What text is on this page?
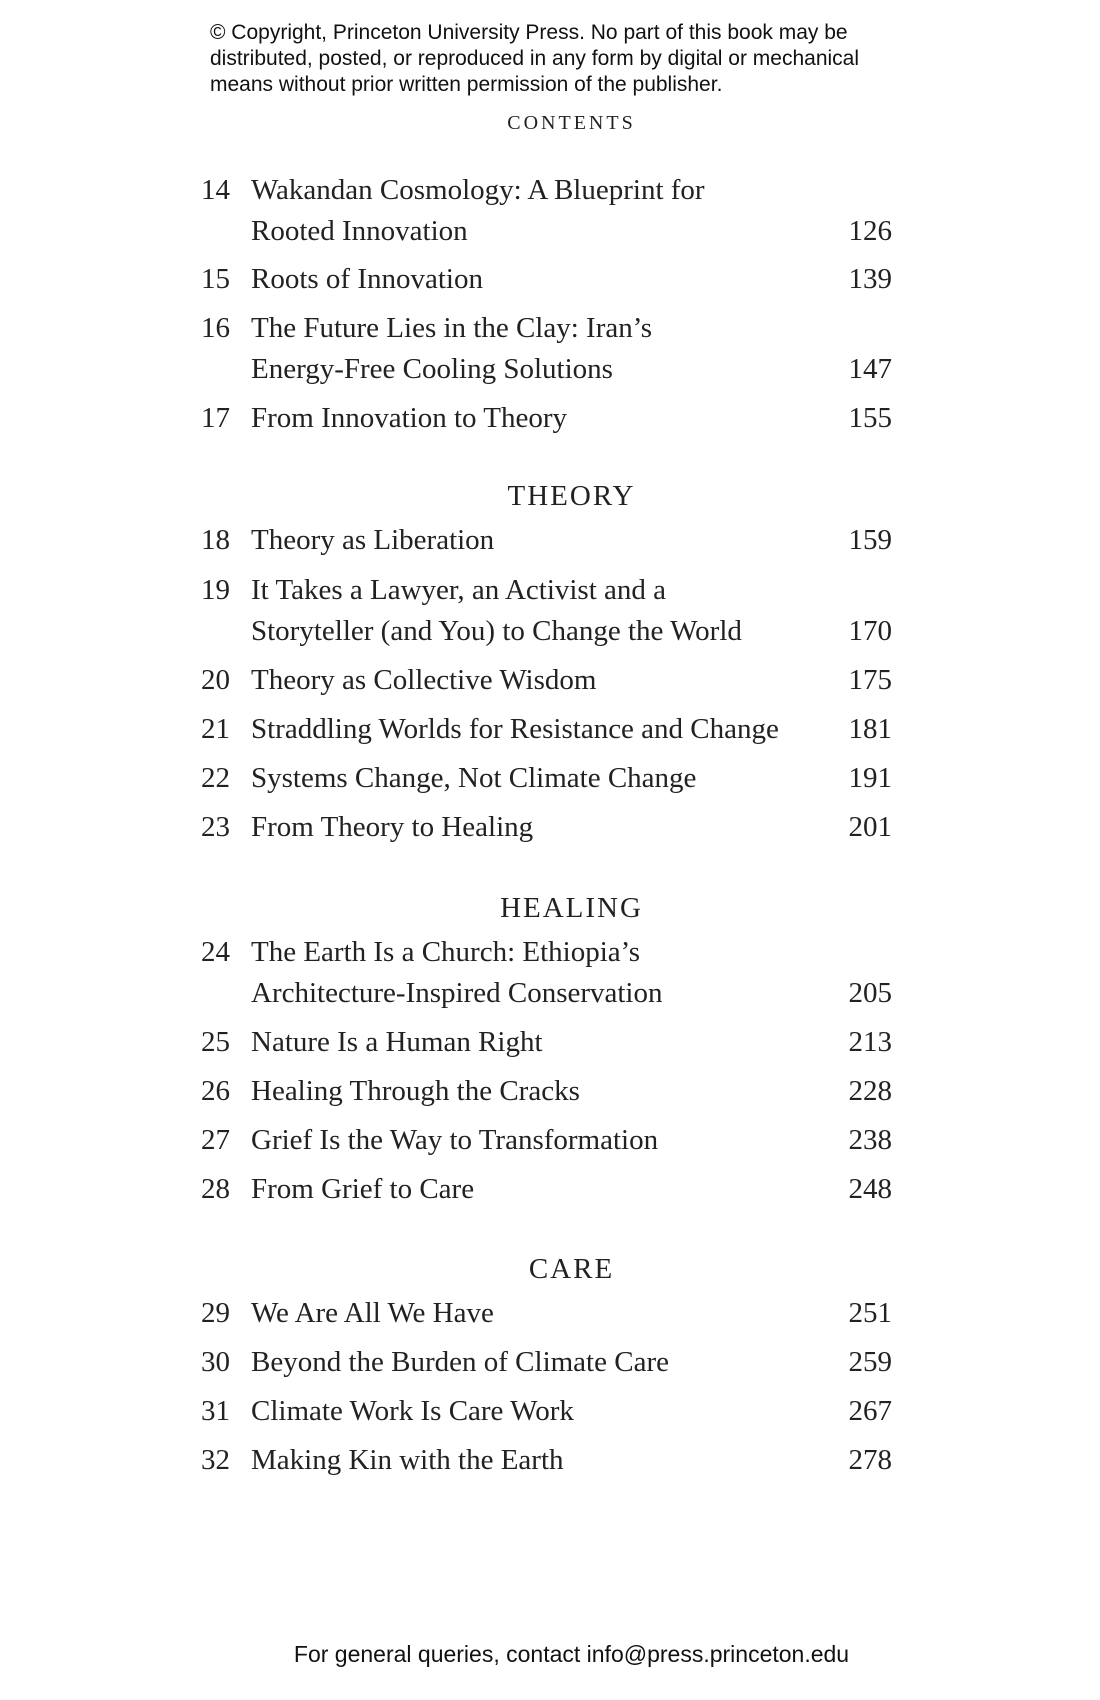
© Copyright, Princeton University Press. No part of this book may be
distributed, posted, or reproduced in any form by digital or mechanical
means without prior written permission of the publisher.
CONTENTS
14 Wakandan Cosmology: A Blueprint for
Rooted Innovation	126
15 Roots of Innovation	139
16 The Future Lies in the Clay: Iran’s
Energy-Free Cooling Solutions	147
17 From Innovation to Theory	155
THEORY
18 Theory as Liberation	159
19 It Takes a Lawyer, an Activist and a
Storyteller (and You) to Change the World	170
20 Theory as Collective Wisdom	175
21 Straddling Worlds for Resistance and Change	181
22 Systems Change, Not Climate Change	191
23 From Theory to Healing	201
HEALING
24 The Earth Is a Church: Ethiopia’s
Architecture-Inspired Conservation	205
25 Nature Is a Human Right	213
26 Healing Through the Cracks	228
27 Grief Is the Way to Transformation	238
28 From Grief to Care	248
CARE
29 We Are All We Have	251
30 Beyond the Burden of Climate Care	259
31 Climate Work Is Care Work	267
32 Making Kin with the Earth	278
For general queries, contact info@press.princeton.edu
